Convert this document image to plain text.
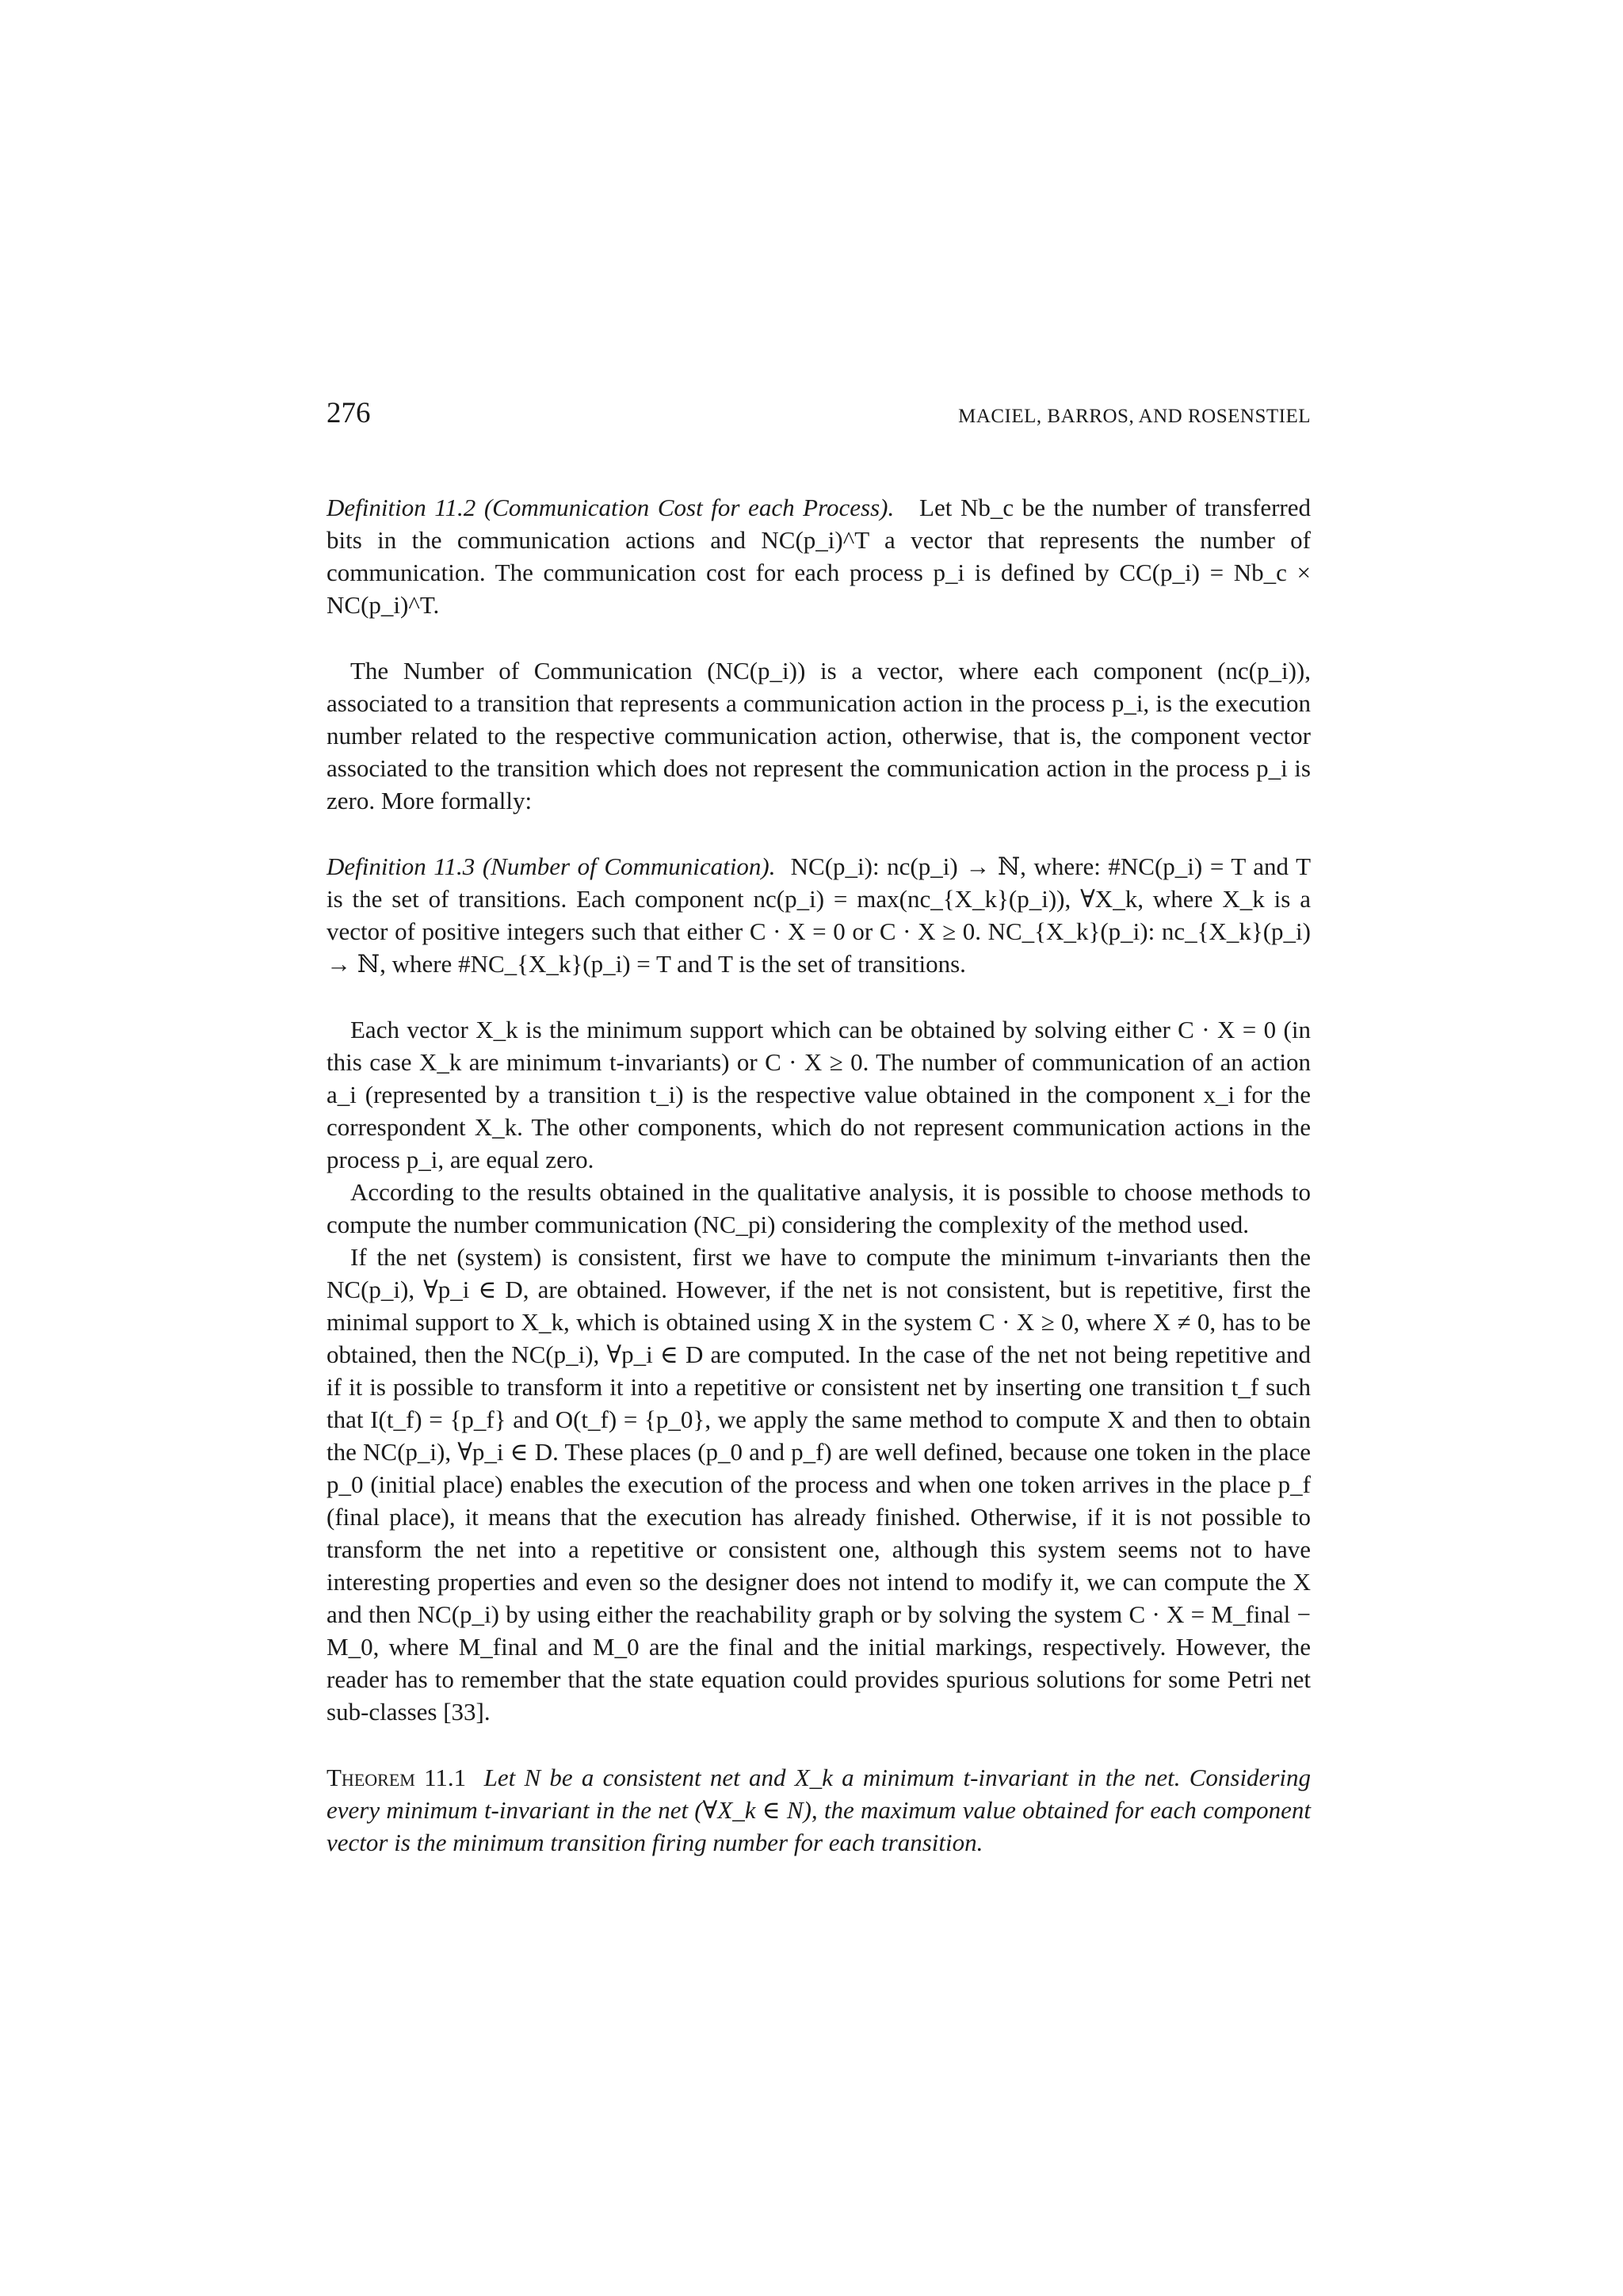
276	MACIEL, BARROS, AND ROSENSTIEL
Definition 11.2 (Communication Cost for each Process). Let Nb_c be the number of transferred bits in the communication actions and NC(p_i)^T a vector that represents the number of communication. The communication cost for each process p_i is defined by CC(p_i) = Nb_c × NC(p_i)^T.

The Number of Communication (NC(p_i)) is a vector, where each component (nc(p_i)), associated to a transition that represents a communication action in the process p_i, is the execution number related to the respective communication action, otherwise, that is, the component vector associated to the transition which does not represent the communication action in the process p_i is zero. More formally:

Definition 11.3 (Number of Communication). NC(p_i): nc(p_i) → ℕ, where: #NC(p_i) = T and T is the set of transitions. Each component nc(p_i) = max(nc_{X_k}(p_i)), ∀X_k, where X_k is a vector of positive integers such that either C · X = 0 or C · X ≥ 0. NC_{X_k}(p_i): nc_{X_k}(p_i) → ℕ, where #NC_{X_k}(p_i) = T and T is the set of transitions.

Each vector X_k is the minimum support which can be obtained by solving either C · X = 0 (in this case X_k are minimum t-invariants) or C · X ≥ 0. The number of communication of an action a_i (represented by a transition t_i) is the respective value obtained in the component x_i for the correspondent X_k. The other components, which do not represent communication actions in the process p_i, are equal zero.

According to the results obtained in the qualitative analysis, it is possible to choose methods to compute the number communication (NC_pi) considering the complexity of the method used.

If the net (system) is consistent, first we have to compute the minimum t-invariants then the NC(p_i), ∀p_i ∈ D, are obtained. However, if the net is not consistent, but is repetitive, first the minimal support to X_k, which is obtained using X in the system C · X ≥ 0, where X ≠ 0, has to be obtained, then the NC(p_i), ∀p_i ∈ D are computed. In the case of the net not being repetitive and if it is possible to transform it into a repetitive or consistent net by inserting one transition t_f such that I(t_f) = {p_f} and O(t_f) = {p_0}, we apply the same method to compute X and then to obtain the NC(p_i), ∀p_i ∈ D. These places (p_0 and p_f) are well defined, because one token in the place p_0 (initial place) enables the execution of the process and when one token arrives in the place p_f (final place), it means that the execution has already finished. Otherwise, if it is not possible to transform the net into a repetitive or consistent one, although this system seems not to have interesting properties and even so the designer does not intend to modify it, we can compute the X and then NC(p_i) by using either the reachability graph or by solving the system C · X = M_final − M_0, where M_final and M_0 are the final and the initial markings, respectively. However, the reader has to remember that the state equation could provides spurious solutions for some Petri net sub-classes [33].

Theorem 11.1 Let N be a consistent net and X_k a minimum t-invariant in the net. Considering every minimum t-invariant in the net (∀X_k ∈ N), the maximum value obtained for each component vector is the minimum transition firing number for each transition.
